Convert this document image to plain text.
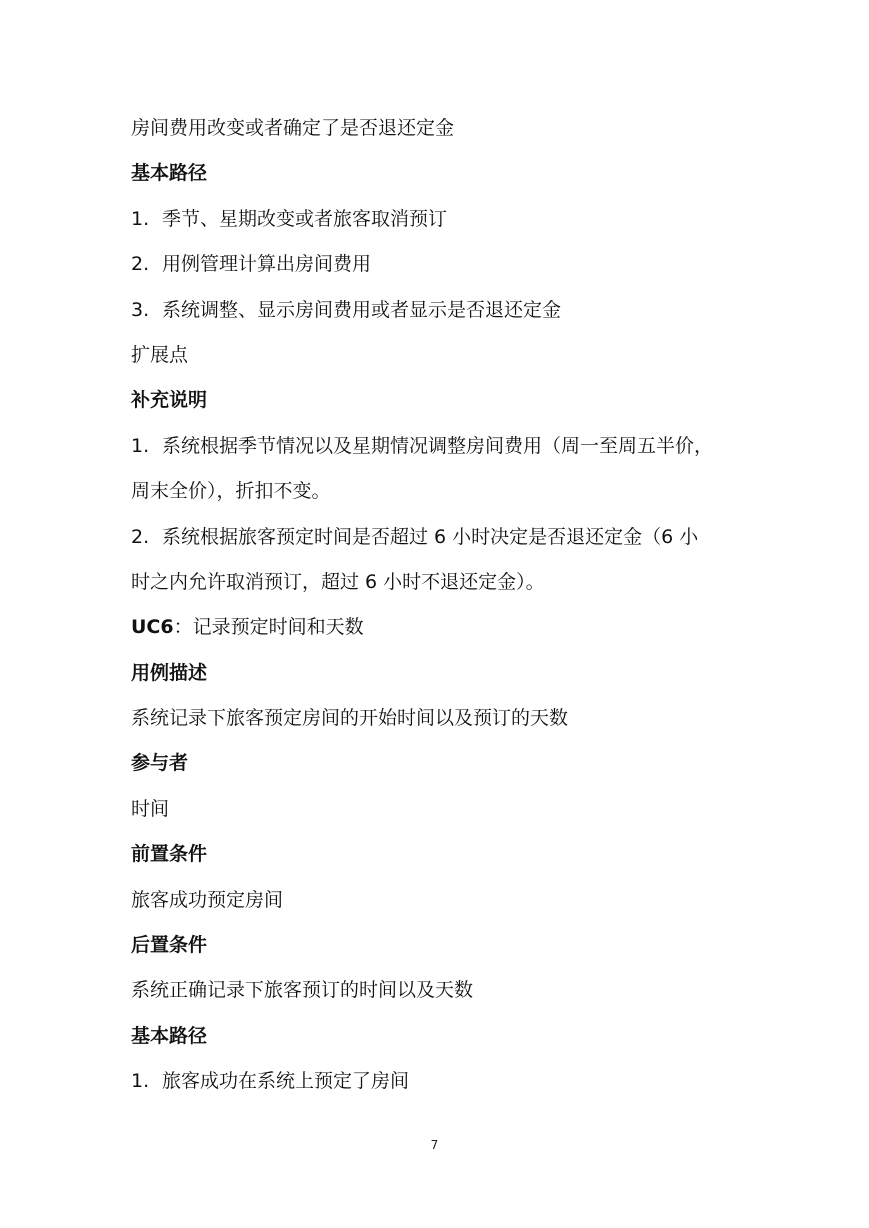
房间费用改变或者确定了是否退还定金
基本路径
1. 季节、星期改变或者旅客取消预订
2. 用例管理计算出房间费用
3. 系统调整、显示房间费用或者显示是否退还定金
扩展点
补充说明
1. 系统根据季节情况以及星期情况调整房间费用（周一至周五半价，
周末全价），折扣不变。
2. 系统根据旅客预定时间是否超过 6 小时决定是否退还定金（6 小
时之内允许取消预订，超过 6 小时不退还定金）。
UC6：记录预定时间和天数
用例描述
系统记录下旅客预定房间的开始时间以及预订的天数
参与者
时间
前置条件
旅客成功预定房间
后置条件
系统正确记录下旅客预订的时间以及天数
基本路径
1. 旅客成功在系统上预定了房间
7
